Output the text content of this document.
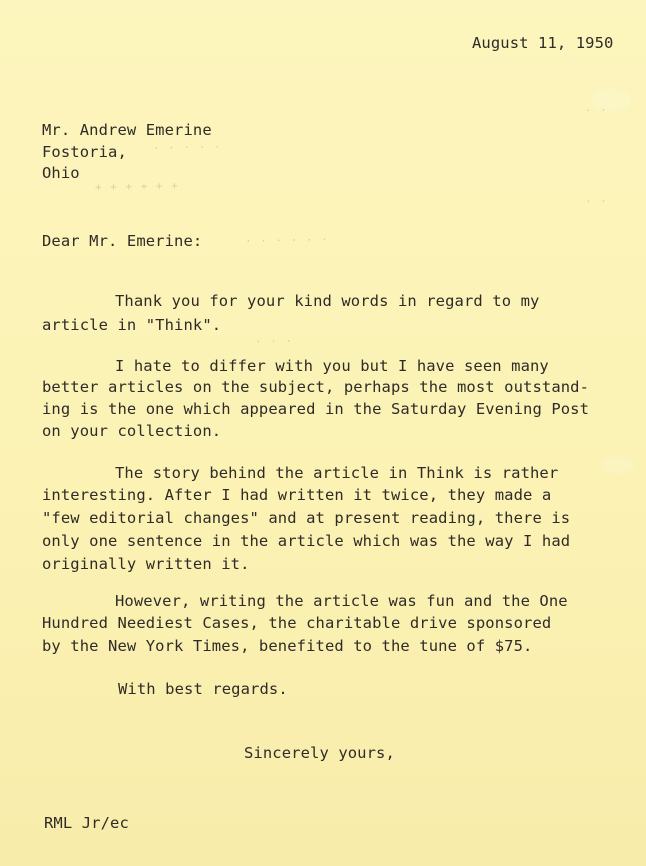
· · · · ·
+ + + + + +
· · · · · ·
· · ·
· ·
· ·
August 11, 1950
Mr. Andrew Emerine
Fostoria,
Ohio
Dear Mr. Emerine:
Thank you for your kind words in regard to my
article in "Think".
I hate to differ with you but I have seen many
better articles on the subject, perhaps the most outstand-
ing is the one which appeared in the Saturday Evening Post
on your collection.
The story behind the article in Think is rather
interesting. After I had written it twice, they made a
"few editorial changes" and at present reading, there is
only one sentence in the article which was the way I had
originally written it.
However, writing the article was fun and the One
Hundred Neediest Cases, the charitable drive sponsored
by the New York Times, benefited to the tune of $75.
With best regards.
Sincerely yours,
RML Jr/ec
